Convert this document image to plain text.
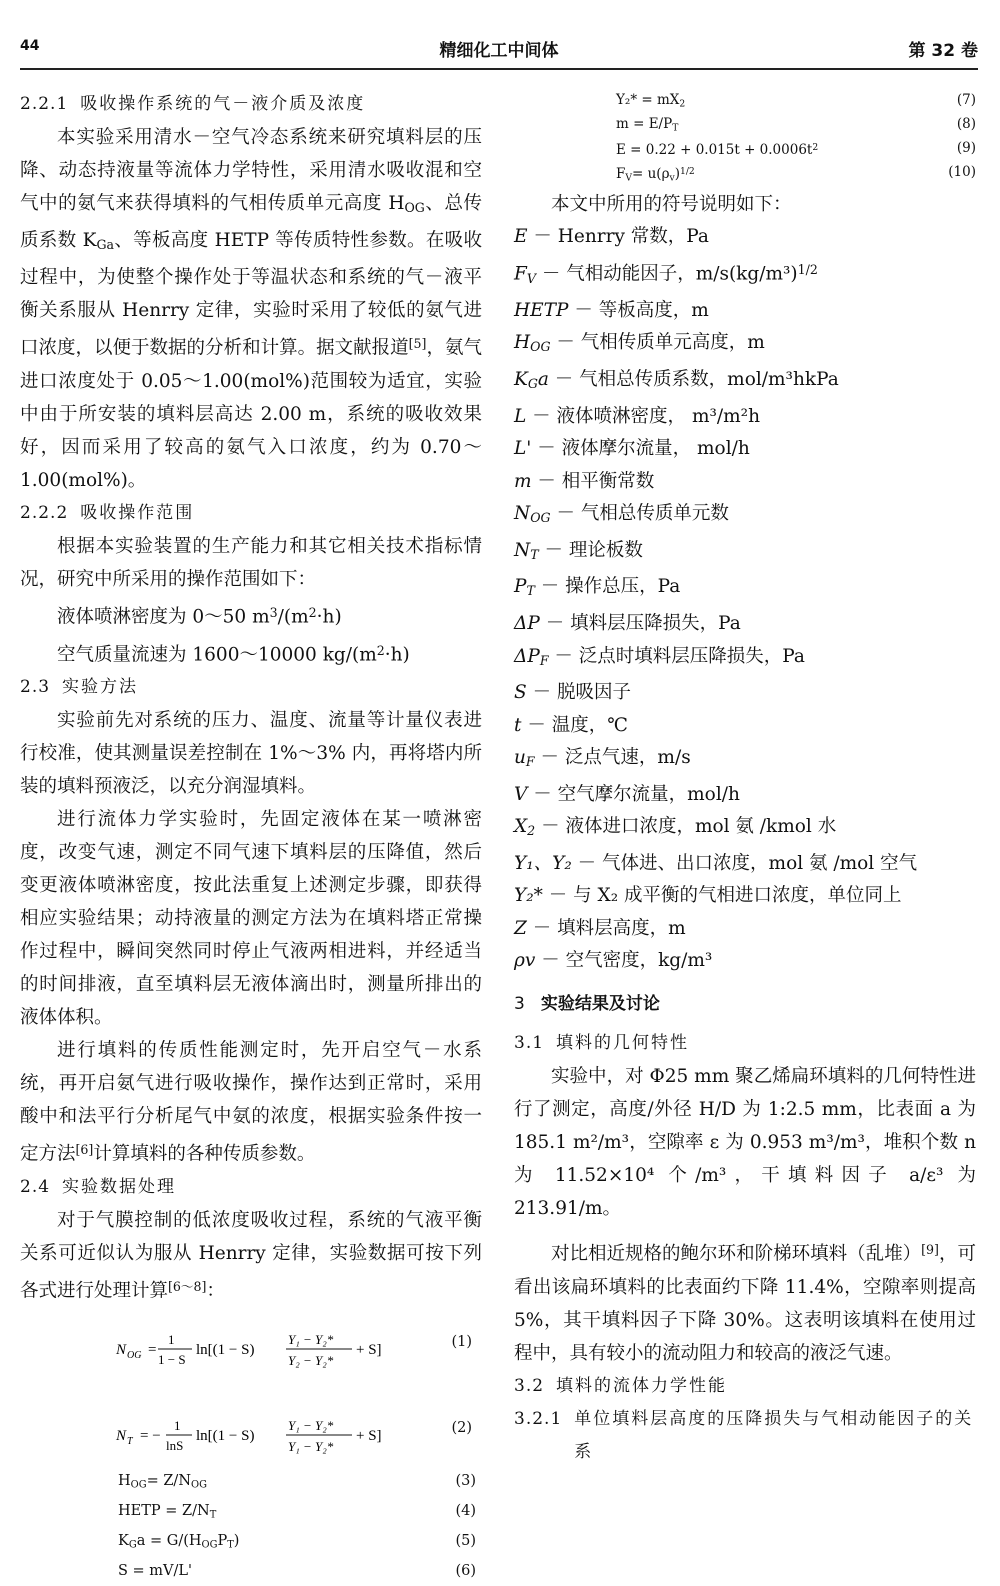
44	精细化工中间体	第 32 卷
2.2.1 吸收操作系统的气－液介质及浓度

本实验采用清水－空气冷态系统来研究填料层的压降、动态持液量等流体力学特性，采用清水吸收混和空气中的氨气来获得填料的气相传质单元高度 $H_{OG}$、总传质系数 $K_{Ga}$、等板高度 HETP 等传质特性参数。在吸收过程中，为使整个操作处于等温状态和系统的气－液平衡关系服从 Henrry 定律，实验时采用了较低的氨气进口浓度，以便于数据的分析和计算。据文献报道[5]，氨气进口浓度处于 0.05～1.00(mol%)范围较为适宜，实验中由于所安装的填料层高达 2.00 m，系统的吸收效果好，因而采用了较高的氨气入口浓度，约为 0.70～1.00(mol%)。

2.2.2 吸收操作范围

根据本实验装置的生产能力和其它相关技术指标情况，研究中所采用的操作范围如下：

液体喷淋密度为 0～50 $m^3/(m^2\cdot h)$

空气质量流速为 1600～10000 $kg/(m^2\cdot h)$

2.3 实验方法

实验前先对系统的压力、温度、流量等计量仪表进行校准，使其测量误差控制在 1%～3% 内，再将塔内所装的填料预液泛，以充分润湿填料。

进行流体力学实验时，先固定液体在某一喷淋密度，改变气速，测定不同气速下填料层的压降值，然后变更液体喷淋密度，按此法重复上述测定步骤，即获得相应实验结果；动持液量的测定方法为在填料塔正常操作过程中，瞬间突然同时停止气液两相进料，并经适当的时间排液，直至填料层无液体滴出时，测量所排出的液体体积。

进行填料的传质性能测定时，先开启空气－水系统，再开启氨气进行吸收操作，操作达到正常时，采用酸中和法平行分析尾气中氨的浓度，根据实验条件按一定方法[6]计算填料的各种传质参数。

2.4 实验数据处理

对于气膜控制的低浓度吸收过程，系统的气液平衡关系可近似认为服从 Henrry 定律，实验数据可按下列各式进行处理计算[6～8]：

N OG =
1
1 − S
ln[(1 − S)
Y₁ − Y₂*
Y₂ − Y₂*
+ S]	(1)
N T = −
1
lnS
ln[(1 − S)
Y₁ − Y₂*
Y₁ − Y₂*
+ S]	(2)
$H_{OG}= Z/N_{OG}$	(3)
HETP = $Z/N_T$	(4)
$K_Ga = G/(H_{OG}P_T)$	(5)
S = mV/L'	(6)
$Y_2* = mX_2$	(7)
$m = E/P_T$	(8)
$E = 0.22 + 0.015t + 0.0006t^2$	(9)
$F_V= u(\rho_v)^{1/2}$	(10)

本文中所用的符号说明如下：

E － Henrry 常数，Pa
$F_V$ － 气相动能因子，$m/s(kg/m^3)^{1/2}$
HETP － 等板高度，m
$H_{OG}$ － 气相传质单元高度，m
$K_Ga$ － 气相总传质系数，mol/m³hkPa
L － 液体喷淋密度， m³/m²h
L' － 液体摩尔流量， mol/h
m － 相平衡常数
$N_{OG}$ － 气相总传质单元数
$N_T$ － 理论板数
$P_T$ － 操作总压，Pa
ΔP － 填料层压降损失，Pa
$\Delta P_F$ － 泛点时填料层压降损失，Pa
S － 脱吸因子
t － 温度，℃
$u_F$ － 泛点气速，m/s
V － 空气摩尔流量，mol/h
$X_2$ － 液体进口浓度，mol 氨 /kmol 水
Y₁、Y₂ － 气体进、出口浓度，mol 氨 /mol 空气
Y₂* － 与 X₂ 成平衡的气相进口浓度，单位同上
Z － 填料层高度，m
ρv － 空气密度，kg/m³
3 实验结果及讨论
3.1 填料的几何特性

实验中，对 Φ25 mm 聚乙烯扁环填料的几何特性进行了测定，高度/外径 H/D 为 1:2.5 mm，比表面 a 为 185.1 m²/m³，空隙率 ε 为 0.953 m³/m³，堆积个数 n 为 11.52×10⁴ 个/m³，干填料因子 a/ε³ 为 213.91/m。

对比相近规格的鲍尔环和阶梯环填料（乱堆）[9]，可看出该扁环填料的比表面约下降 11.4%，空隙率则提高 5%，其干填料因子下降 30%。这表明该填料在使用过程中，具有较小的流动阻力和较高的液泛气速。

3.2 填料的流体力学性能
3.2.1 单位填料层高度的压降损失与气相动能因子的关系
